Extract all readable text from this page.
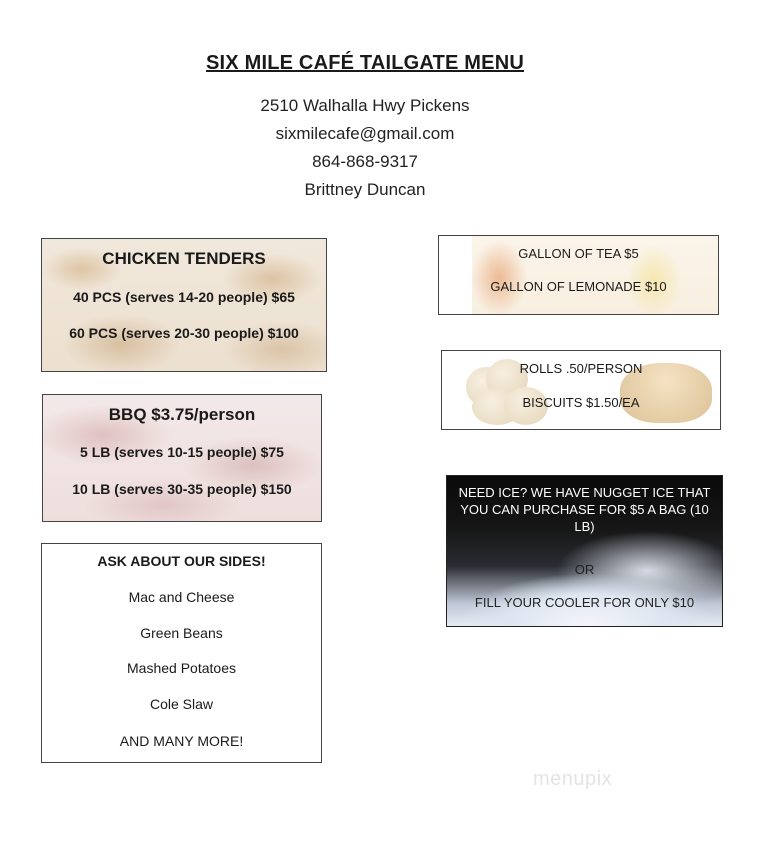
SIX MILE CAFÉ TAILGATE MENU
2510 Walhalla Hwy Pickens
sixmilecafe@gmail.com
864-868-9317
Brittney Duncan
CHICKEN TENDERS
40 PCS (serves 14-20 people) $65
60 PCS (serves 20-30 people) $100
BBQ $3.75/person
5 LB (serves 10-15 people) $75
10 LB (serves 30-35 people) $150
ASK ABOUT OUR SIDES!
Mac and Cheese
Green Beans
Mashed Potatoes
Cole Slaw
AND MANY MORE!
GALLON OF TEA $5
GALLON OF LEMONADE $10
ROLLS .50/PERSON
BISCUITS $1.50/EA
NEED ICE? WE HAVE NUGGET ICE THAT YOU CAN PURCHASE FOR $5 A BAG (10 LB)
OR
FILL YOUR COOLER FOR ONLY $10
menupix
